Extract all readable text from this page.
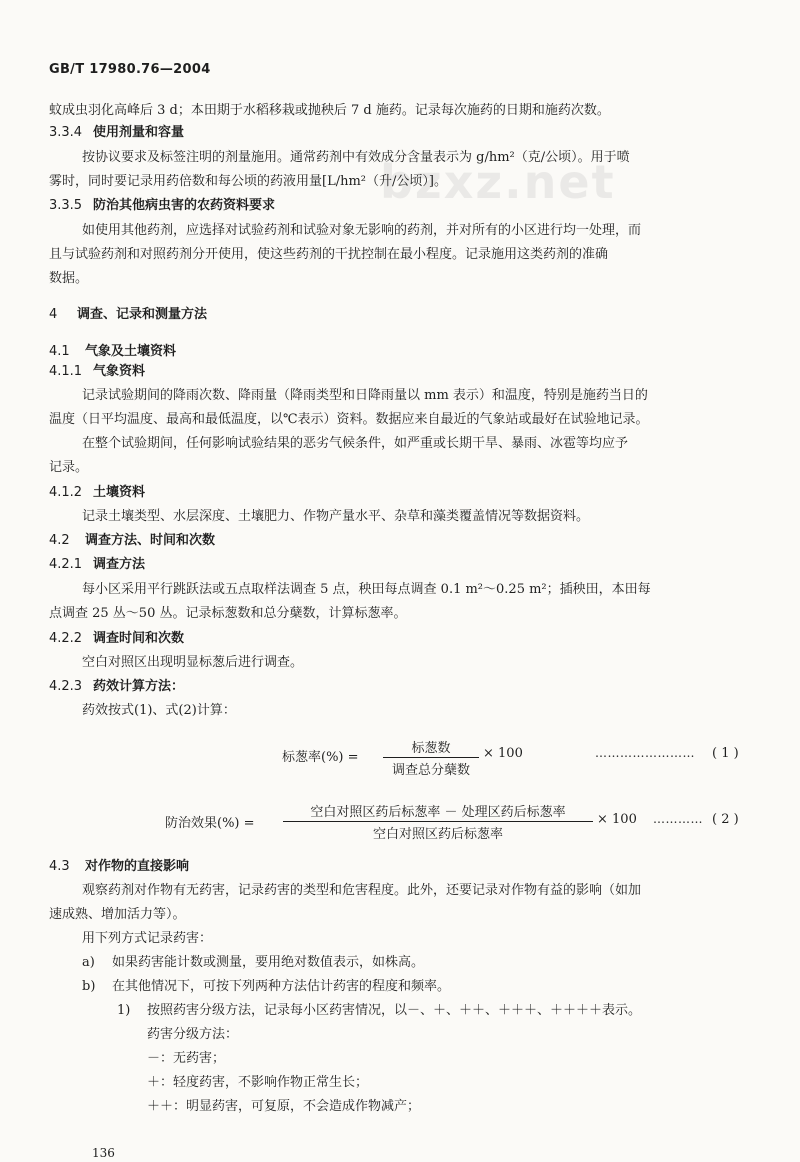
bzxz.net
GB/T 17980.76—2004
蚊成虫羽化高峰后 3 d；本田期于水稻移栽或抛秧后 7 d 施药。记录每次施药的日期和施药次数。
3.3.4 使用剂量和容量
按协议要求及标签注明的剂量施用。通常药剂中有效成分含量表示为 g/hm²（克/公顷）。用于喷
雾时，同时要记录用药倍数和每公顷的药液用量[L/hm²（升/公顷）]。
3.3.5 防治其他病虫害的农药资料要求
如使用其他药剂，应选择对试验药剂和试验对象无影响的药剂，并对所有的小区进行均一处理，而
且与试验药剂和对照药剂分开使用，使这些药剂的干扰控制在最小程度。记录施用这类药剂的准确
数据。
4 调查、记录和测量方法
4.1 气象及土壤资料
4.1.1 气象资料
记录试验期间的降雨次数、降雨量（降雨类型和日降雨量以 mm 表示）和温度，特别是施药当日的
温度（日平均温度、最高和最低温度，以℃表示）资料。数据应来自最近的气象站或最好在试验地记录。
在整个试验期间，任何影响试验结果的恶劣气候条件，如严重或长期干旱、暴雨、冰雹等均应予
记录。
4.1.2 土壤资料
记录土壤类型、水层深度、土壤肥力、作物产量水平、杂草和藻类覆盖情况等数据资料。
4.2 调查方法、时间和次数
4.2.1 调查方法
每小区采用平行跳跃法或五点取样法调查 5 点，秧田每点调查 0.1 m²～0.25 m²；插秧田，本田每
点调查 25 丛～50 丛。记录标葱数和总分蘖数，计算标葱率。
4.2.2 调查时间和次数
空白对照区出现明显标葱后进行调查。
4.2.3 药效计算方法：
药效按式(1)、式(2)计算：
标葱率(%) =
标葱数
调查总分蘖数
× 100	…………………… ( 1 )
防治效果(%) =
空白对照区药后标葱率 － 处理区药后标葱率
空白对照区药后标葱率
× 100 ………… ( 2 )
4.3 对作物的直接影响
观察药剂对作物有无药害，记录药害的类型和危害程度。此外，还要记录对作物有益的影响（如加
速成熟、增加活力等）。
用下列方式记录药害：
a) 如果药害能计数或测量，要用绝对数值表示，如株高。
b) 在其他情况下，可按下列两种方法估计药害的程度和频率。
1) 按照药害分级方法，记录每小区药害情况，以－、＋、＋＋、＋＋＋、＋＋＋＋表示。
药害分级方法：
－：无药害；
＋：轻度药害，不影响作物正常生长；
＋＋：明显药害，可复原，不会造成作物减产；
136
